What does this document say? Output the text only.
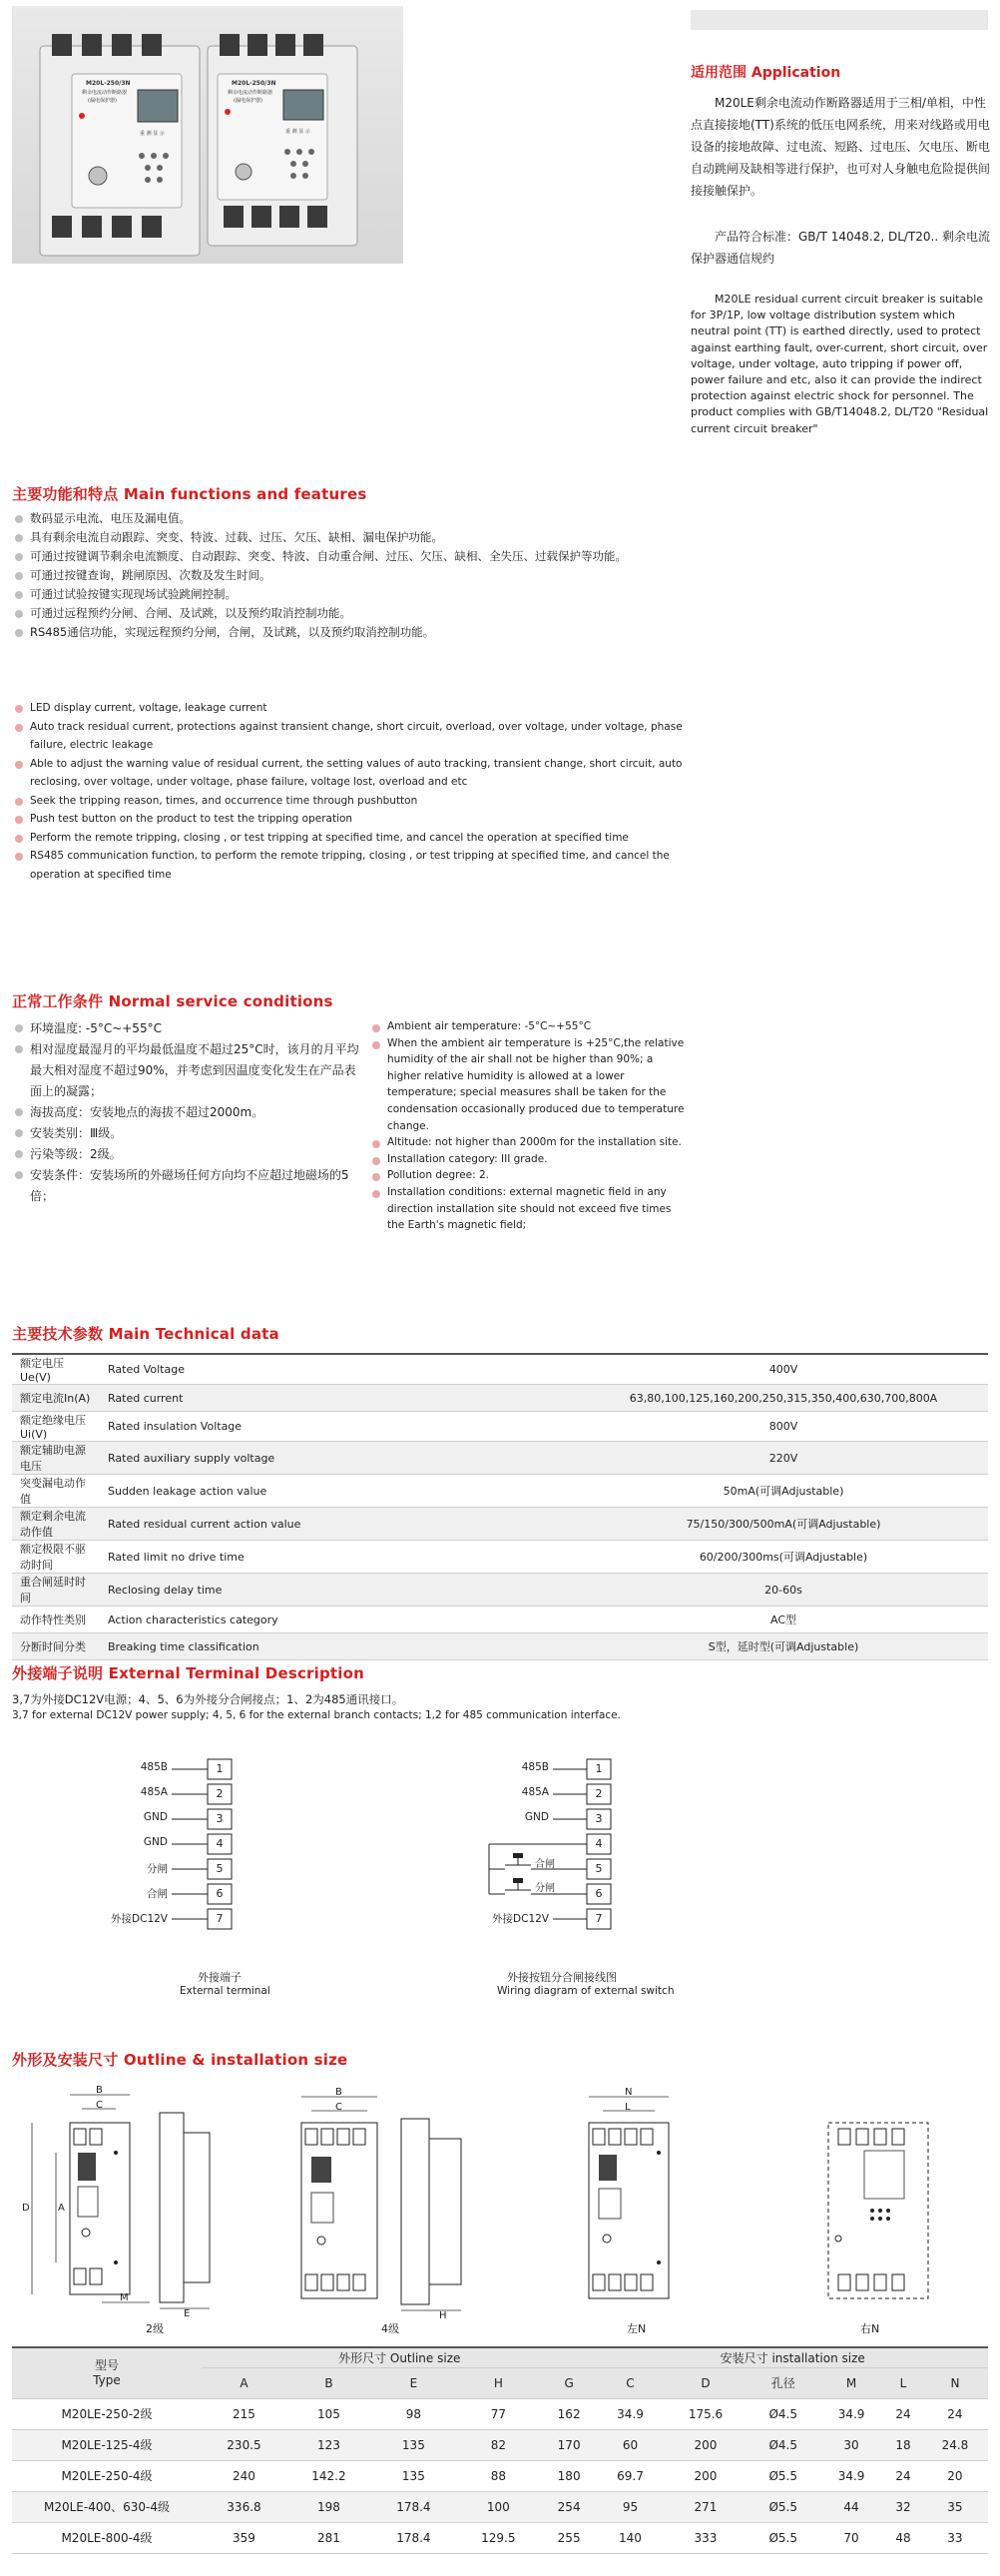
M20L-250/3N
剩余电流动作断路器
(漏电保护器)
重 测 显 示
M20L-250/3N
剩余电流动作断路器
(漏电保护器)
重 测 显 示
适用范围 Application
M20LE剩余电流动作断路器适用于三相/单相，中性点直接接地(TT)系统的低压电网系统，用来对线路或用电设备的接地故障、过电流、短路、过电压、欠电压、断电自动跳闸及缺相等进行保护，也可对人身触电危险提供间接接触保护。
产品符合标准：GB/T 14048.2, DL/T20.. 剩余电流保护器通信规约
M20LE residual current circuit breaker is suitable for 3P/1P, low voltage distribution system which neutral point (TT) is earthed directly, used to protect against earthing fault, over-current, short circuit, over voltage, under voltage, auto tripping if power off, power failure and etc, also it can provide the indirect protection against electric shock for personnel. The product complies with GB/T14048.2, DL/T20 "Residual current circuit breaker"
主要功能和特点 Main functions and features
数码显示电流、电压及漏电值。
具有剩余电流自动跟踪、突变、特波、过载、过压、欠压、缺相、漏电保护功能。
可通过按键调节剩余电流额度、自动跟踪、突变、特波、自动重合闸、过压、欠压、缺相、全失压、过载保护等功能。
可通过按键查询，跳闸原因、次数及发生时间。
可通过试验按键实现现场试验跳闸控制。
可通过远程预约分闸、合闸、及试跳，以及预约取消控制功能。
RS485通信功能，实现远程预约分闸，合闸，及试跳，以及预约取消控制功能。
LED display current, voltage, leakage current
Auto track residual current, protections against transient change, short circuit, overload, over voltage, under voltage, phase failure, electric leakage
Able to adjust the warning value of residual current, the setting values of auto tracking, transient change, short circuit, auto reclosing, over voltage, under voltage, phase failure, voltage lost, overload and etc
Seek the tripping reason, times, and occurrence time through pushbutton
Push test button on the product to test the tripping operation
Perform the remote tripping, closing , or test tripping at specified time, and cancel the operation at specified time
RS485 communication function, to perform the remote tripping, closing , or test tripping at specified time, and cancel the operation at specified time
正常工作条件 Normal service conditions
环境温度: -5°C~+55°C
相对湿度最湿月的平均最低温度不超过25°C时，该月的月平均最大相对湿度不超过90%，并考虑到因温度变化发生在产品表面上的凝露；
海拔高度：安装地点的海拔不超过2000m。
安装类别：Ⅲ级。
污染等级：2级。
安装条件：安装场所的外磁场任何方向均不应超过地磁场的5倍；
Ambient air temperature: -5°C~+55°C
When the ambient air temperature is +25°C,the relative humidity of the air shall not be higher than 90%; a higher relative humidity is allowed at a lower temperature; special measures shall be taken for the condensation occasionally produced due to temperature change.
Altitude: not higher than 2000m for the installation site.
Installation category: III grade.
Pollution degree: 2.
Installation conditions: external magnetic field in any direction installation site should not exceed five times the Earth's magnetic field;
主要技术参数 Main Technical data
额定电压Ue(V)	Rated Voltage	400V
额定电流In(A)	Rated current	63,80,100,125,160,200,250,315,350,400,630,700,800A
额定绝缘电压Ui(V)	Rated insulation Voltage	800V
额定辅助电源电压	Rated auxiliary supply voltage	220V
突变漏电动作值	Sudden leakage action value	50mA(可调Adjustable)
额定剩余电流动作值	Rated residual current action value	75/150/300/500mA(可调Adjustable)
额定极限不驱动时间	Rated limit no drive time	60/200/300ms(可调Adjustable)
重合闸延时时间	Reclosing delay time	20-60s
动作特性类别	Action characteristics category	AC型
分断时间分类	Breaking time classification	S型，延时型(可调Adjustable)
外接端子说明 External Terminal Description
3,7为外接DC12V电源；4、5、6为外接分合闸接点；1、2为485通讯接口。
3,7 for external DC12V power supply; 4, 5, 6 for the external branch contacts; 1,2 for 485 communication interface.
485B
485A
GND
GND
分闸
合闸
外接DC12V
1
2
3
4
5
6
7
外接端子
External terminal
485B
485A
GND
合闸
分闸
外接DC12V
1
2
3
4
5
6
7
外接按钮分合闸接线图
Wiring diagram of external switch
外形及安装尺寸 Outline & installation size
B
C
D	A
M
E
2级
B
C
H
4级
N
L
左N	右N
型号
Type	外形尺寸 Outline size					安装尺寸 installation size					
	A	B	E	H	G	C	D	孔径	M	L	N
M20LE-250-2级	215	105	98	77	162	34.9	175.6	Ø4.5	34.9	24	24
M20LE-125-4级	230.5	123	135	82	170	60	200	Ø4.5	30	18	24.8
M20LE-250-4级	240	142.2	135	88	180	69.7	200	Ø5.5	34.9	24	20
M20LE-400、630-4级	336.8	198	178.4	100	254	95	271	Ø5.5	44	32	35
M20LE-800-4级	359	281	178.4	129.5	255	140	333	Ø5.5	70	48	33
